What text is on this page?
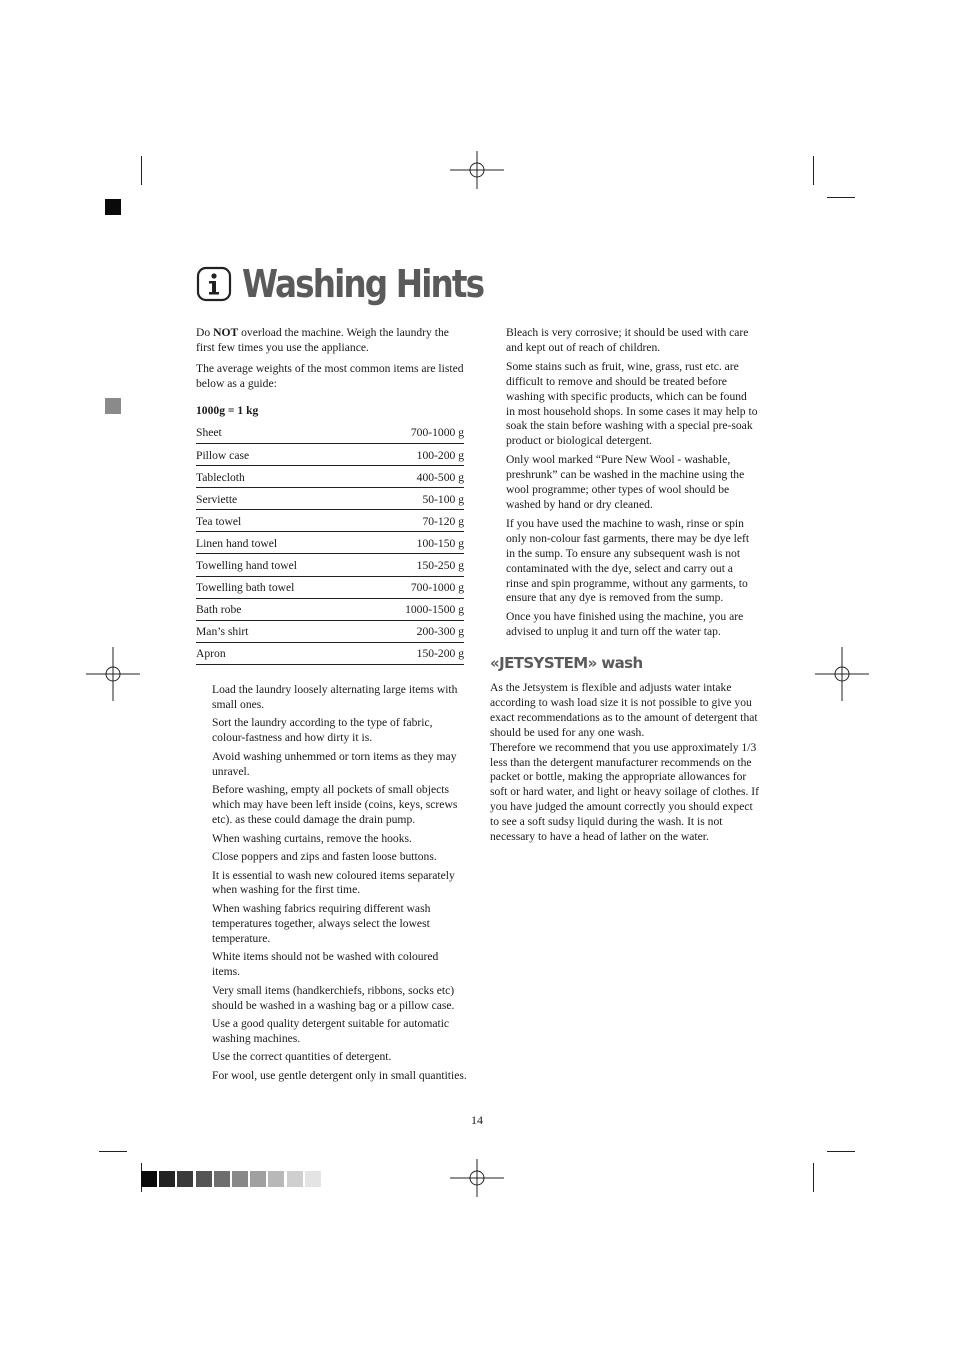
Washing Hints

Do NOT overload the machine. Weigh the laundry the first few times you use the appliance.

The average weights of the most common items are listed below as a guide:

1000g = 1 kg
Sheet	700-1000 g
Pillow case	100-200 g
Tablecloth	400-500 g
Serviette	50-100 g
Tea towel	70-120 g
Linen hand towel	100-150 g
Towelling hand towel	150-250 g
Towelling bath towel	700-1000 g
Bath robe	1000-1500 g
Man’s shirt	200-300 g
Apron	150-200 g

Load the laundry loosely alternating large items with small ones.

Sort the laundry according to the type of fabric, colour-fastness and how dirty it is.

Avoid washing unhemmed or torn items as they may unravel.

Before washing, empty all pockets of small objects which may have been left inside (coins, keys, screws etc). as these could damage the drain pump.

When washing curtains, remove the hooks.

Close poppers and zips and fasten loose buttons.

It is essential to wash new coloured items separately when washing for the first time.

When washing fabrics requiring different wash temperatures together, always select the lowest temperature.

White items should not be washed with coloured items.

Very small items (handkerchiefs, ribbons, socks etc) should be washed in a washing bag or a pillow case.

Use a good quality detergent suitable for automatic washing machines.

Use the correct quantities of detergent.

For wool, use gentle detergent only in small quantities.

Bleach is very corrosive; it should be used with care and kept out of reach of children.

Some stains such as fruit, wine, grass, rust etc. are difficult to remove and should be treated before washing with specific products, which can be found in most household shops. In some cases it may help to soak the stain before washing with a special pre-soak product or biological detergent.

Only wool marked “Pure New Wool - washable, preshrunk” can be washed in the machine using the wool programme; other types of wool should be washed by hand or dry cleaned.

If you have used the machine to wash, rinse or spin only non-colour fast garments, there may be dye left in the sump. To ensure any subsequent wash is not contaminated with the dye, select and carry out a rinse and spin programme, without any garments, to ensure that any dye is removed from the sump.

Once you have finished using the machine, you are advised to unplug it and turn off the water tap.

«JETSYSTEM» wash

As the Jetsystem is flexible and adjusts water intake according to wash load size it is not possible to give you exact recommendations as to the amount of detergent that should be used for any one wash.

Therefore we recommend that you use approximately 1/3 less than the detergent manufacturer recommends on the packet or bottle, making the appropriate allowances for soft or hard water, and light or heavy soilage of clothes. If you have judged the amount correctly you should expect to see a soft sudsy liquid during the wash. It is not necessary to have a head of lather on the water.

14
